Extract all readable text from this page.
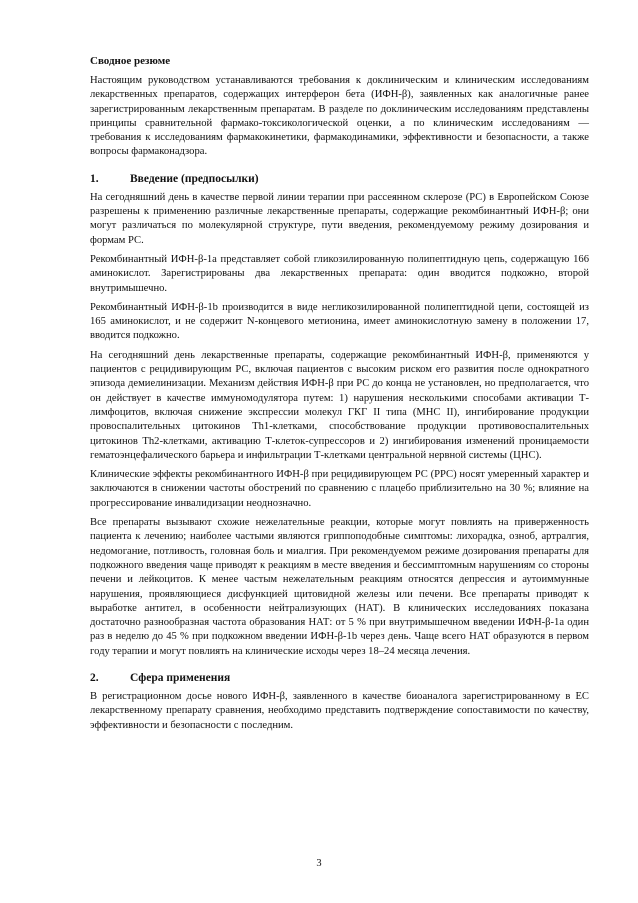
Сводное резюме

Настоящим руководством устанавливаются требования к доклиническим и клиническим исследованиям лекарственных препаратов, содержащих интерферон бета (ИФН-β), заявленных как аналогичные ранее зарегистрированным лекарственным препаратам. В разделе по доклиническим исследованиям представлены принципы сравнительной фармако-токсикологической оценки, а по клиническим исследованиям — требования к исследованиям фармакокинетики, фармакодинамики, эффективности и безопасности, а также вопросы фармаконадзора.

1.	Введение (предпосылки)

На сегодняшний день в качестве первой линии терапии при рассеянном склерозе (РС) в Европейском Союзе разрешены к применению различные лекарственные препараты, содержащие рекомбинантный ИФН-β; они могут различаться по молекулярной структуре, пути введения, рекомендуемому режиму дозирования и формам РС.

Рекомбинантный ИФН-β-1a представляет собой гликозилированную полипептидную цепь, содержащую 166 аминокислот. Зарегистрированы два лекарственных препарата: один вводится подкожно, второй внутримышечно.

Рекомбинантный ИФН-β-1b производится в виде негликозилированной полипептидной цепи, состоящей из 165 аминокислот, и не содержит N-концевого метионина, имеет аминокислотную замену в положении 17, вводится подкожно.

На сегодняшний день лекарственные препараты, содержащие рекомбинантный ИФН-β, применяются у пациентов с рецидивирующим РС, включая пациентов с высоким риском его развития после однократного эпизода демиелинизации. Механизм действия ИФН-β при РС до конца не установлен, но предполагается, что он действует в качестве иммуномодулятора путем: 1) нарушения несколькими способами активации Т-лимфоцитов, включая снижение экспрессии молекул ГКГ II типа (MHC II), ингибирование продукции провоспалительных цитокинов Th1-клетками, способствование продукции противовоспалительных цитокинов Th2-клетками, активацию Т-клеток-супрессоров и 2) ингибирования изменений проницаемости гематоэнцефалического барьера и инфильтрации Т-клетками центральной нервной системы (ЦНС).

Клинические эффекты рекомбинантного ИФН-β при рецидивирующем РС (РРС) носят умеренный характер и заключаются в снижении частоты обострений по сравнению с плацебо приблизительно на 30 %; влияние на прогрессирование инвалидизации неоднозначно.

Все препараты вызывают схожие нежелательные реакции, которые могут повлиять на приверженность пациента к лечению; наиболее частыми являются гриппоподобные симптомы: лихорадка, озноб, артралгия, недомогание, потливость, головная боль и миалгия. При рекомендуемом режиме дозирования препараты для подкожного введения чаще приводят к реакциям в месте введения и бессимптомным нарушениям со стороны печени и лейкоцитов. К менее частым нежелательным реакциям относятся депрессия и аутоиммунные нарушения, проявляющиеся дисфункцией щитовидной железы или печени. Все препараты приводят к выработке антител, в особенности нейтрализующих (НАТ). В клинических исследованиях показана достаточно разнообразная частота образования НАТ: от 5 % при внутримышечном введении ИФН-β-1a один раз в неделю до 45 % при подкожном введении ИФН-β-1b через день. Чаще всего НАТ образуются в первом году терапии и могут повлиять на клинические исходы через 18–24 месяца лечения.

2.	Сфера применения

В регистрационном досье нового ИФН-β, заявленного в качестве биоаналога зарегистрированному в ЕС лекарственному препарату сравнения, необходимо представить подтверждение сопоставимости по качеству, эффективности и безопасности с последним.

3
